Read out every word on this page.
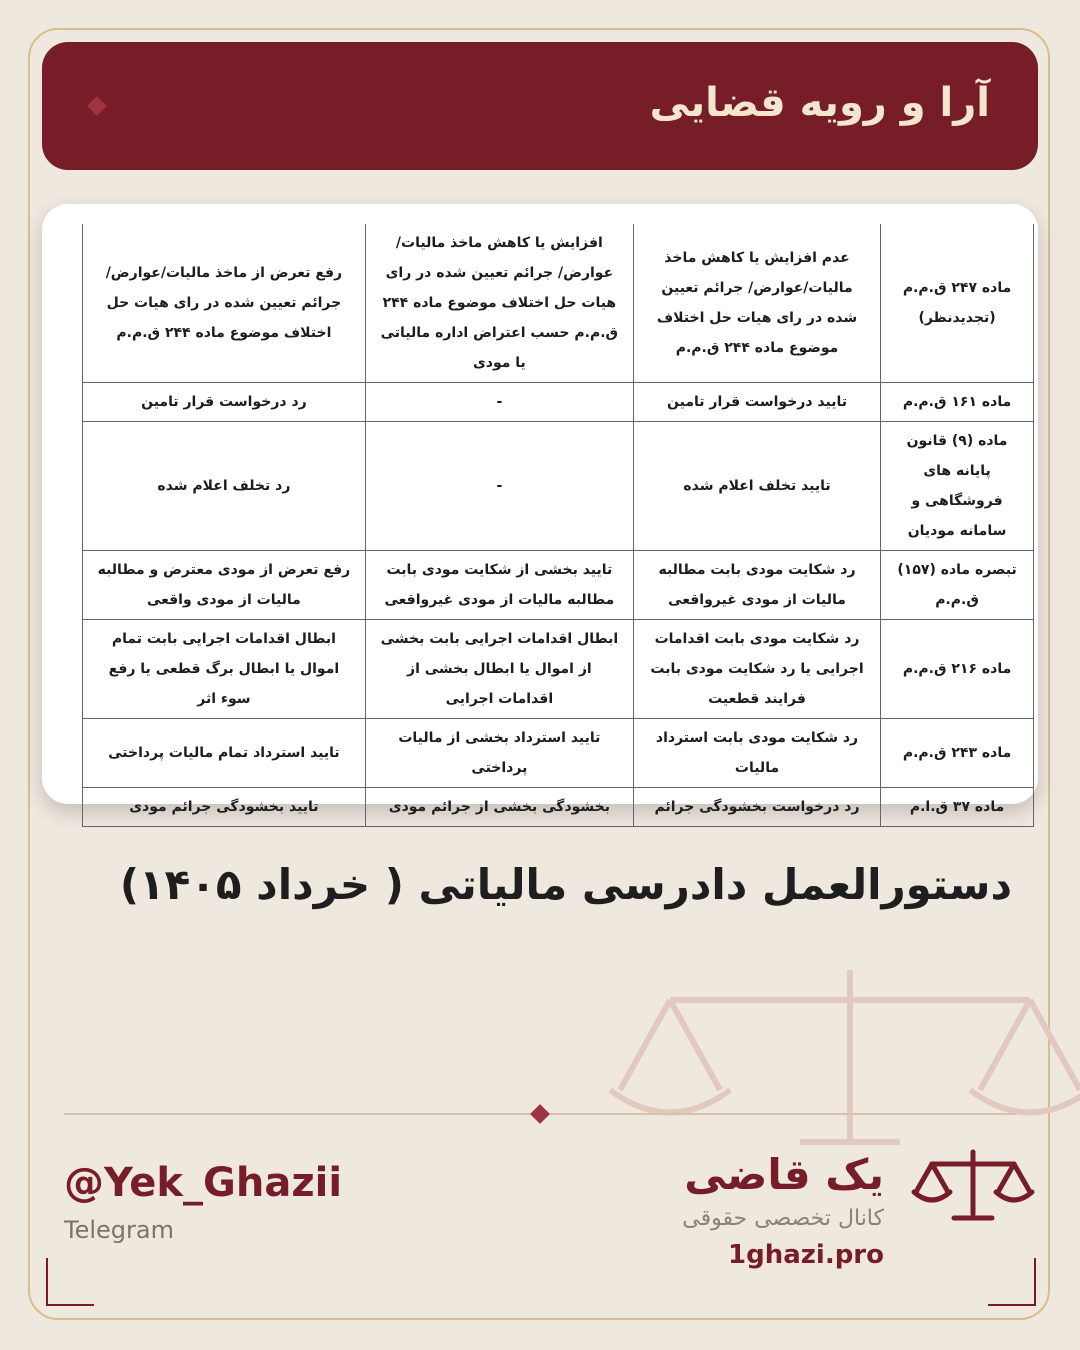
آرا و رویه قضایی
ماده ۲۴۷ ق.م.م (تجدیدنظر)	عدم افزایش یا کاهش ماخذ مالیات/عوارض/ جرائم تعیین شده در رای هیات حل اختلاف موضوع ماده ۲۴۴ ق.م.م	افزایش یا کاهش ماخذ مالیات/عوارض/ جرائم تعیین شده در رای هیات حل اختلاف موضوع ماده ۲۴۴ ق.م.م حسب اعتراض اداره مالیاتی یا مودی	رفع تعرض از ماخذ مالیات/عوارض/ جرائم تعیین شده در رای هیات حل اختلاف موضوع ماده ۲۴۴ ق.م.م
ماده ۱۶۱ ق.م.م	تایید درخواست قرار تامین	-	رد درخواست قرار تامین
ماده (۹) قانون پایانه های فروشگاهی و سامانه مودیان	تایید تخلف اعلام شده	-	رد تخلف اعلام شده
تبصره ماده (۱۵۷) ق.م.م	رد شکایت مودی بابت مطالبه مالیات از مودی غیرواقعی	تایید بخشی از شکایت مودی بابت مطالبه مالیات از مودی غیرواقعی	رفع تعرض از مودی معترض و مطالبه مالیات از مودی واقعی
ماده ۲۱۶ ق.م.م	رد شکایت مودی بابت اقدامات اجرایی یا رد شکایت مودی بابت فرایند قطعیت	ابطال اقدامات اجرایی بابت بخشی از اموال یا ابطال بخشی از اقدامات اجرایی	ابطال اقدامات اجرایی بابت تمام اموال یا ابطال برگ قطعی یا رفع سوء اثر
ماده ۲۴۳ ق.م.م	رد شکایت مودی بابت استرداد مالیات	تایید استرداد بخشی از مالیات پرداختی	تایید استرداد تمام مالیات پرداختی
ماده ۳۷ ق.ا.م	رد درخواست بخشودگی جرائم	بخشودگی بخشی از جرائم مودی	تایید بخشودگی جرائم مودی
دستورالعمل دادرسی مالیاتی ( خرداد ۱۴۰۵)
@Yek_Ghazii
Telegram
یک قاضی
کانال تخصصی حقوقی
1ghazi.pro
